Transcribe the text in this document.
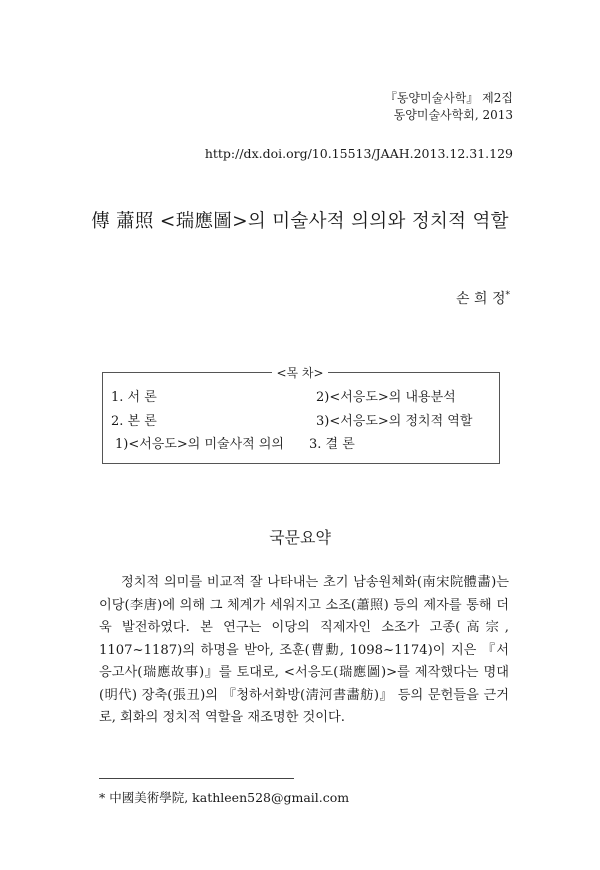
『동양미술사학』 제2집
동양미술사학회, 2013
http://dx.doi.org/10.15513/JAAH.2013.12.31.129
傳 蕭照 <瑞應圖>의 미술사적 의의와 정치적 역할
손 희 정*
<목 차>
1. 서 론
2. 본 론
1)<서응도>의 미술사적 의의
2)<서응도>의 내용분석
3)<서응도>의 정치적 역할
3. 결 론
국문요약

정치적 의미를 비교적 잘 나타내는 초기 남송원체화(南宋院體畵)는 이당(李唐)에 의해 그 체계가 세워지고 소조(蕭照) 등의 제자를 통해 더욱 발전하였다. 본 연구는 이당의 직제자인 소조가 고종(高宗, 1107~1187)의 하명을 받아, 조훈(曹勳, 1098~1174)이 지은 『서응고사(瑞應故事)』를 토대로, <서응도(瑞應圖)>를 제작했다는 명대(明代) 장축(張丑)의 『청하서화방(淸河書畵舫)』 등의 문헌들을 근거로, 회화의 정치적 역할을 재조명한 것이다.

* 中國美術學院, kathleen528@gmail.com
